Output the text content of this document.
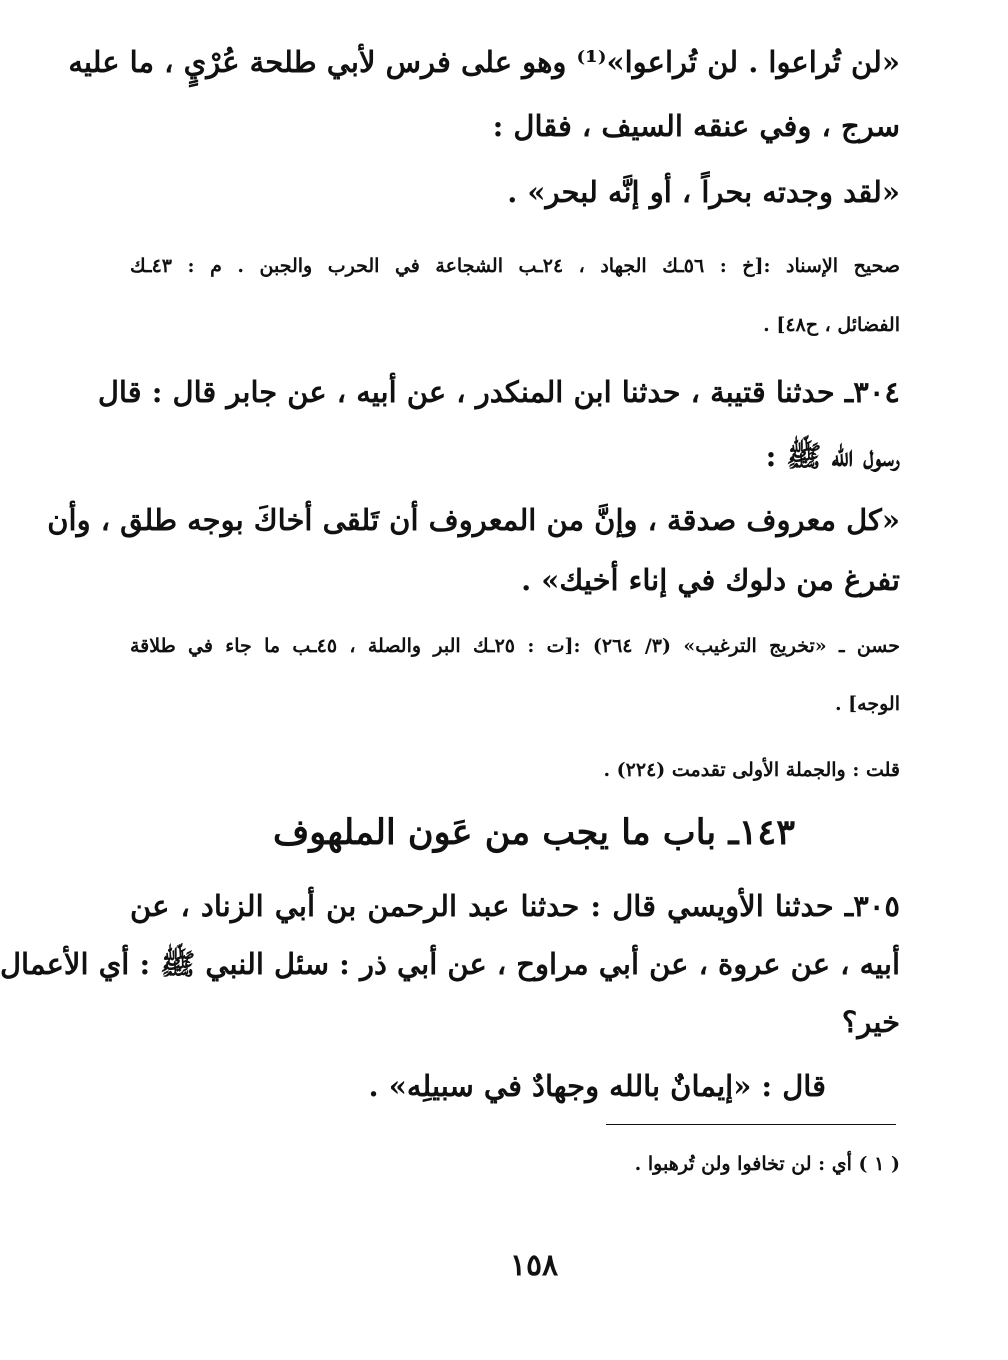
«لن تُراعوا . لن تُراعوا»⁽¹⁾ وهو على فرس لأبي طلحة عُرْيٍ ، ما عليه
سرج ، وفي عنقه السيف ، فقال :
«لقد وجدته بحراً ، أو إنَّه لبحر» .
صحيح الإسناد :[خ : ٥٦ـك الجهاد ، ٢٤ـب الشجاعة في الحرب والجبن . م : ٤٣ـك
الفضائل ، ح٤٨] .
٣٠٤ـ حدثنا قتيبة ، حدثنا ابن المنكدر ، عن أبيه ، عن جابر قال : قال
رسول اللّه ﷺ :
«كل معروف صدقة ، وإنَّ من المعروف أن تَلقى أخاكَ بوجه طلق ، وأن
تفرغ من دلوك في إناء أخيك» .
حسن ـ «تخريج الترغيب» (٣/ ٢٦٤) :[ت : ٢٥ـك البر والصلة ، ٤٥ـب ما جاء في طلاقة
الوجه] .
قلت : والجملة الأولى تقدمت (٢٢٤) .
١٤٣ـ باب ما يجب من عَون الملهوف
٣٠٥ـ حدثنا الأويسي قال : حدثنا عبد الرحمن بن أبي الزناد ، عن
أبيه ، عن عروة ، عن أبي مراوح ، عن أبي ذر : سئل النبي ﷺ : أي الأعمال
خير؟
قال : «إيمانٌ بالله وجهادٌ في سبيلِه» .
( ١ ) أي : لن تخافوا ولن تُرهبوا .
١٥٨
